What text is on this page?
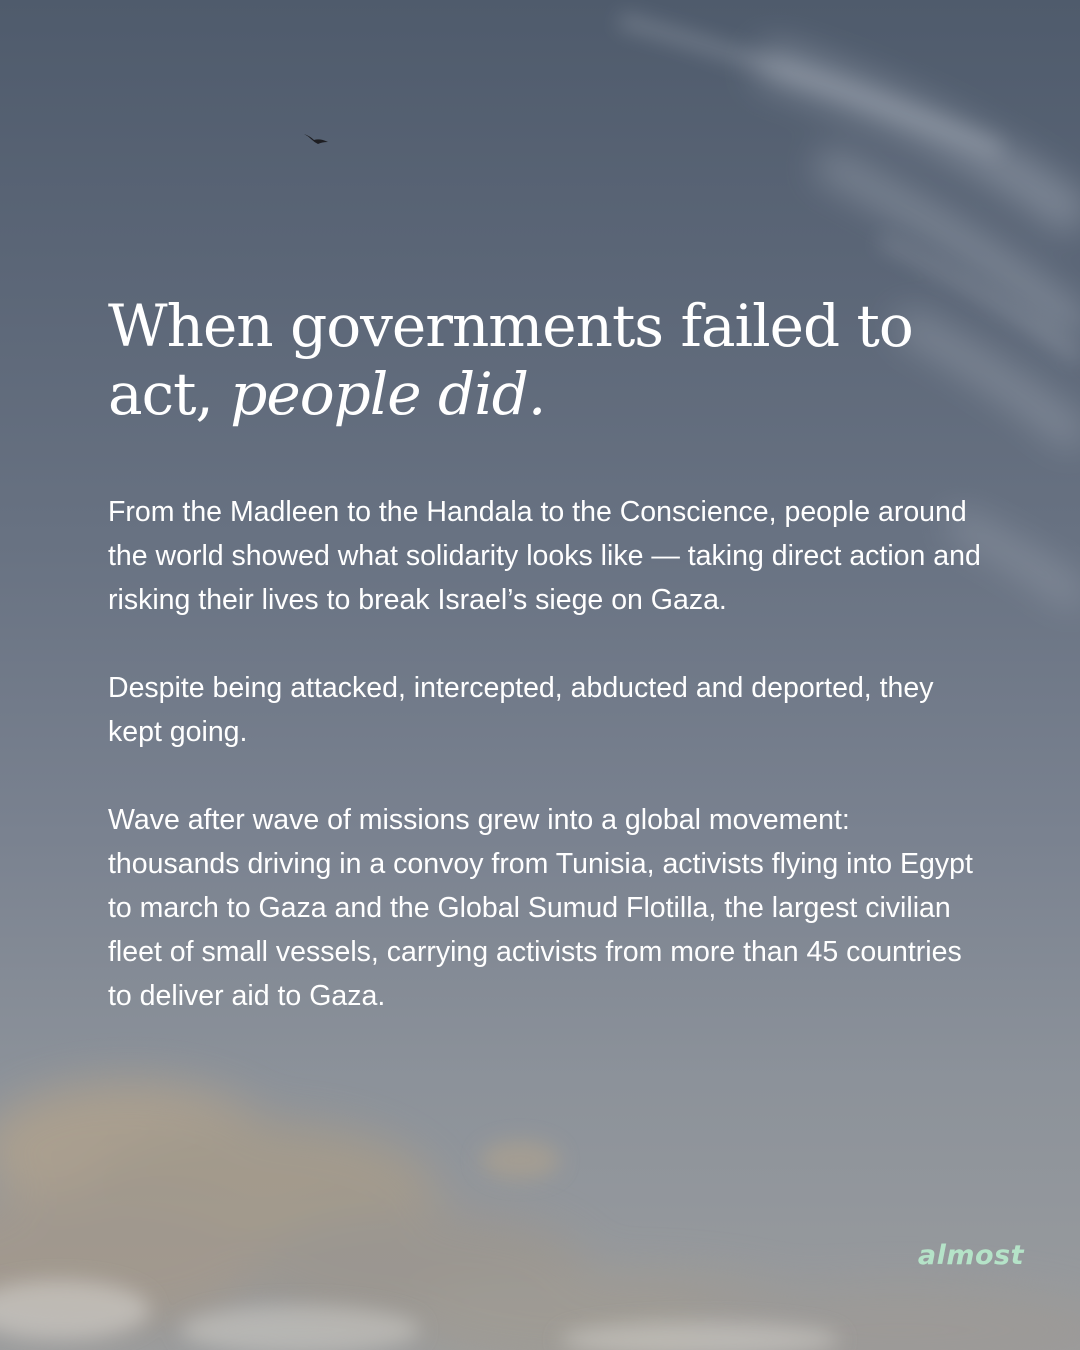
When governments failed to
act, people did.

From the Madleen to the Handala to the Conscience, people around the world showed what solidarity looks like — taking direct action and risking their lives to break Israel’s siege on Gaza.

Despite being attacked, intercepted, abducted and deported, they kept going.

Wave after wave of missions grew into a global movement: thousands driving in a convoy from Tunisia, activists flying into Egypt to march to Gaza and the Global Sumud Flotilla, the largest civilian fleet of small vessels, carrying activists from more than 45 countries to deliver aid to Gaza.

almost
